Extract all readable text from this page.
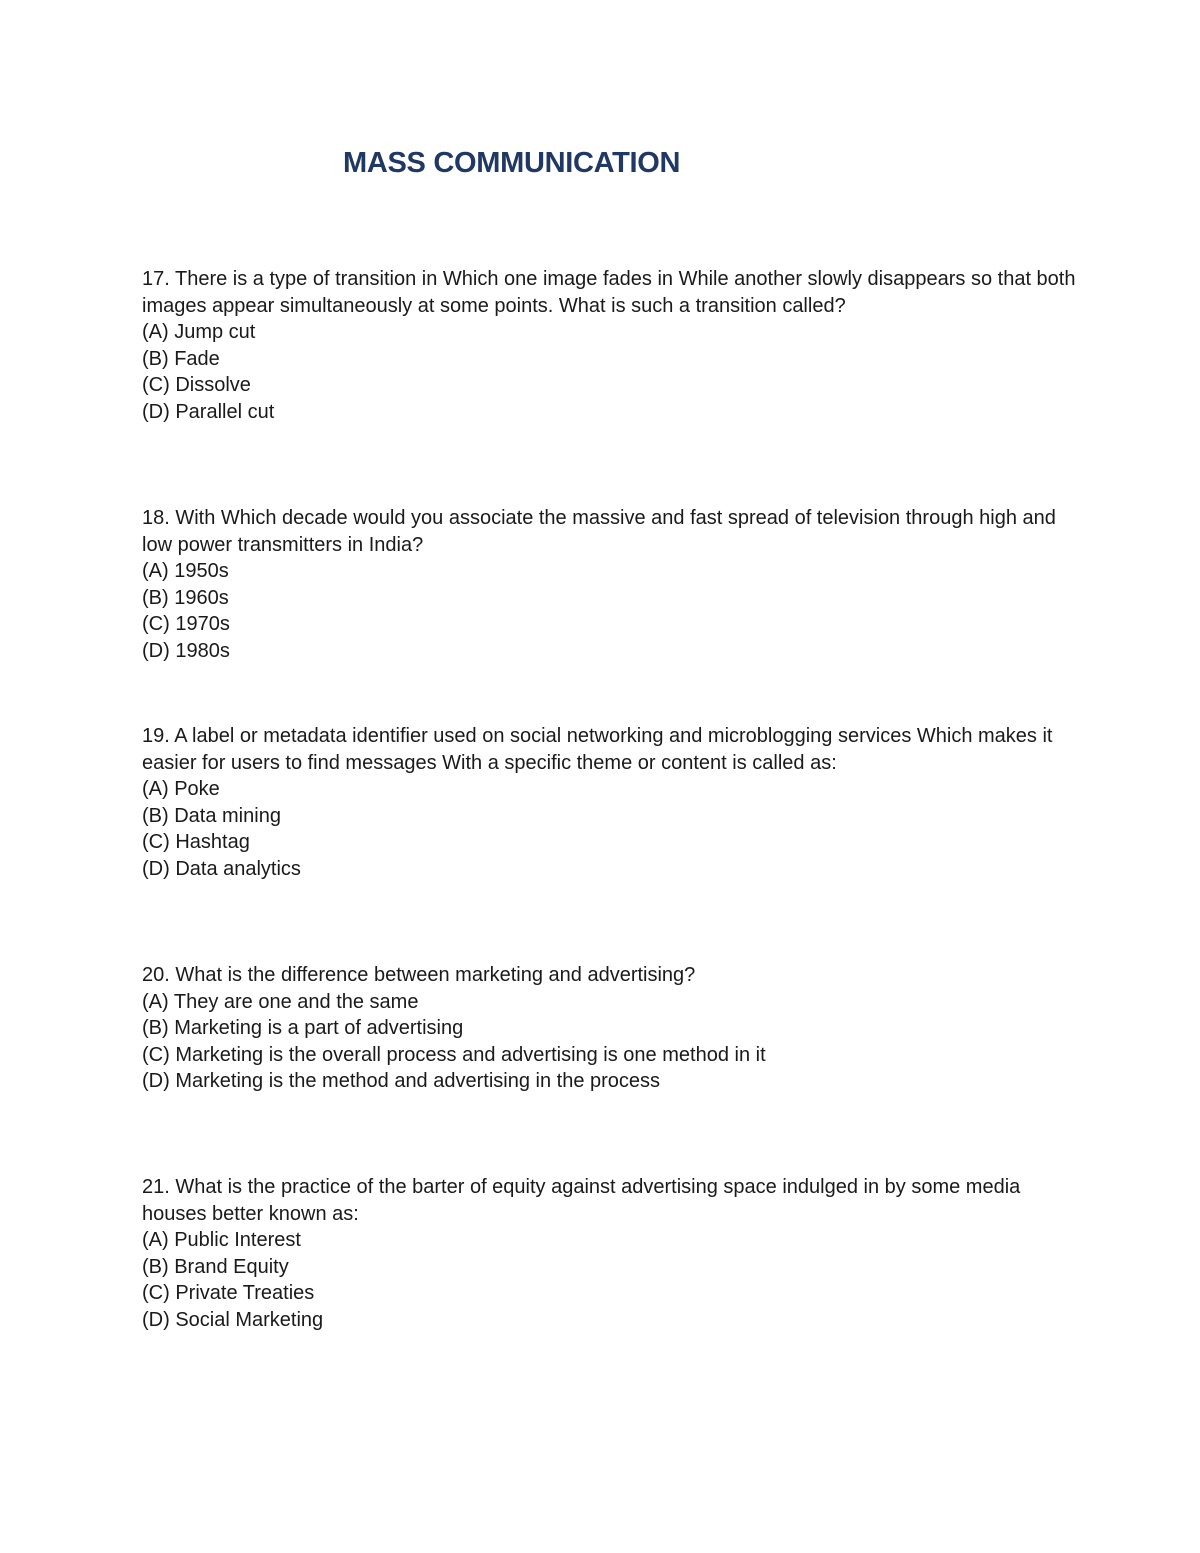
MASS COMMUNICATION

17. There is a type of transition in Which one image fades in While another slowly disappears so that both images appear simultaneously at some points. What is such a transition called?

(A) Jump cut
(B) Fade
(C) Dissolve
(D) Parallel cut

18. With Which decade would you associate the massive and fast spread of television through high and low power transmitters in India?

(A) 1950s
(B) 1960s
(C) 1970s
(D) 1980s

19. A label or metadata identifier used on social networking and microblogging services Which makes it easier for users to find messages With a specific theme or content is called as:

(A) Poke
(B) Data mining
(C) Hashtag
(D) Data analytics

20. What is the difference between marketing and advertising?

(A) They are one and the same
(B) Marketing is a part of advertising
(C) Marketing is the overall process and advertising is one method in it
(D) Marketing is the method and advertising in the process

21. What is the practice of the barter of equity against advertising space indulged in by some media houses better known as:

(A) Public Interest
(B) Brand Equity
(C) Private Treaties
(D) Social Marketing
